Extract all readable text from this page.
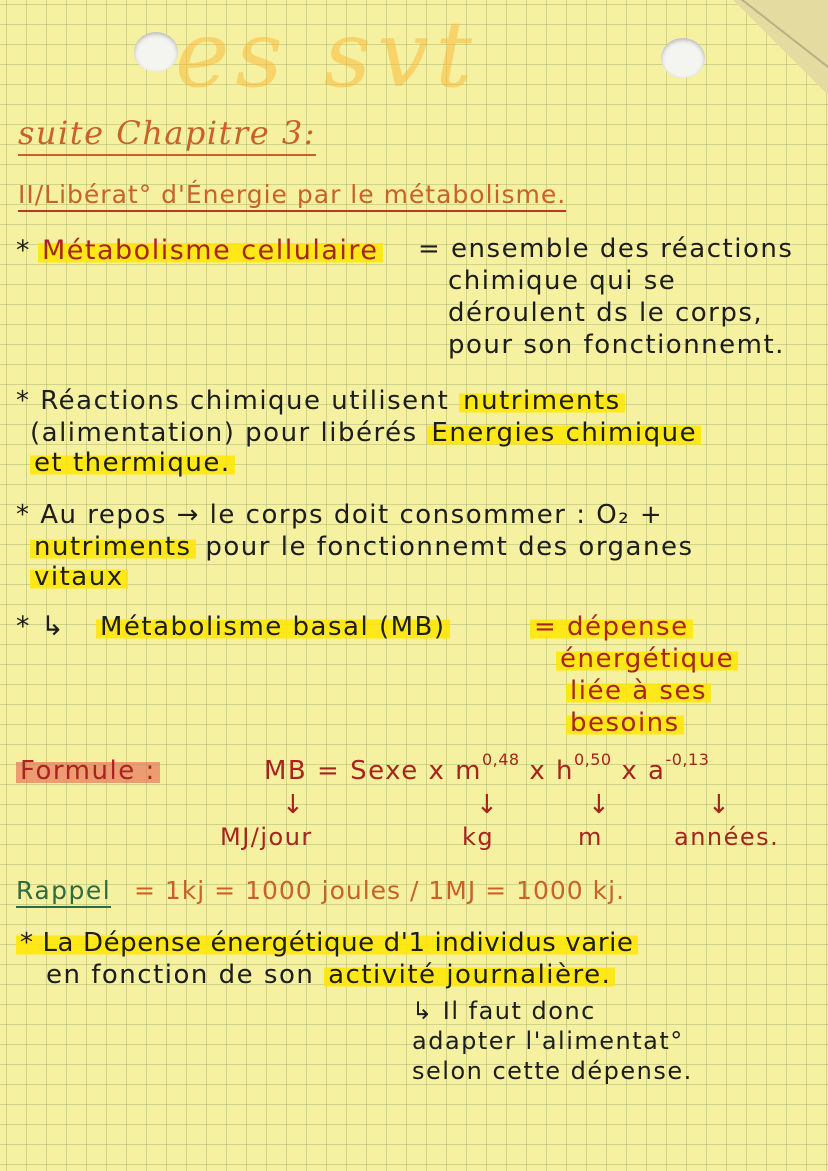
es svt
suite Chapitre 3:
II/Libérat° d'Énergie par le métabolisme.
* Métabolisme cellulaire = ensemble des réactions
chimique qui se
déroulent ds le corps,
pour son fonctionnemt.
* Réactions chimique utilisent nutriments
(alimentation) pour libérés Energies chimique
et thermique.
* Au repos → le corps doit consommer : O₂ +
nutriments pour le fonctionnemt des organes
vitaux
* ↳ Métabolisme basal (MB)	= dépense
énergétique
liée à ses
besoins
Formule :	MB = Sexe x $m^{0,48}$ x $h^{0,50}$ x $a^{-0,13}$
↓	↓	↓	↓
MJ/jour	kg	m	années.
Rappel = 1kj = 1000 joules / 1MJ = 1000 kj.
* La Dépense énergétique d'1 individus varie
en fonction de son activité journalière.
↳ Il faut donc
adapter l'alimentat°
selon cette dépense.
